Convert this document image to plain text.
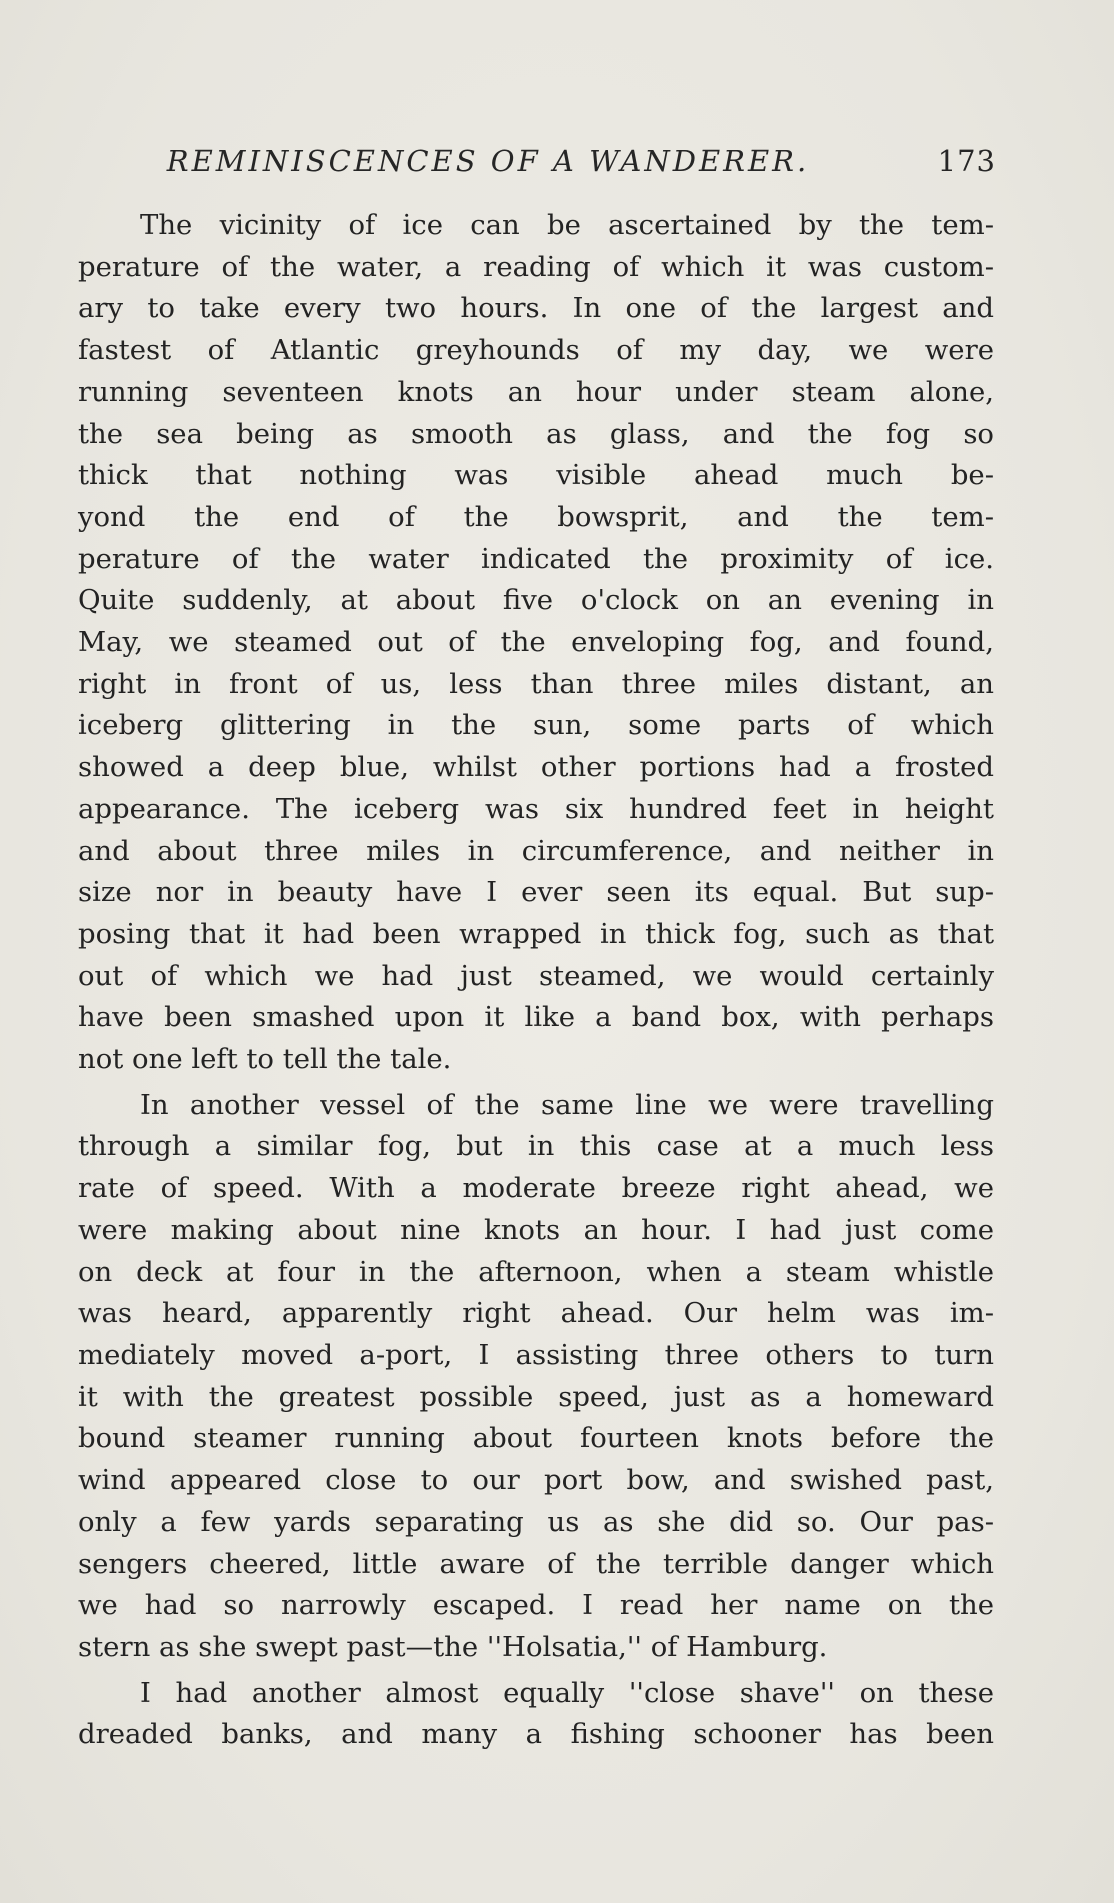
REMINISCENCES OF A WANDERER.	173
The vicinity of ice can be ascertained by the tem-
perature of the water, a reading of which it was custom-
ary to take every two hours. In one of the largest and
fastest of Atlantic greyhounds of my day, we were
running seventeen knots an hour under steam alone,
the sea being as smooth as glass, and the fog so
thick that nothing was visible ahead much be-
yond the end of the bowsprit, and the tem-
perature of the water indicated the proximity of ice.
Quite suddenly, at about five o'clock on an evening in
May, we steamed out of the enveloping fog, and found,
right in front of us, less than three miles distant, an
iceberg glittering in the sun, some parts of which
showed a deep blue, whilst other portions had a frosted
appearance. The iceberg was six hundred feet in height
and about three miles in circumference, and neither in
size nor in beauty have I ever seen its equal. But sup-
posing that it had been wrapped in thick fog, such as that
out of which we had just steamed, we would certainly
have been smashed upon it like a band box, with perhaps
not one left to tell the tale.
In another vessel of the same line we were travelling
through a similar fog, but in this case at a much less
rate of speed. With a moderate breeze right ahead, we
were making about nine knots an hour. I had just come
on deck at four in the afternoon, when a steam whistle
was heard, apparently right ahead. Our helm was im-
mediately moved a-port, I assisting three others to turn
it with the greatest possible speed, just as a homeward
bound steamer running about fourteen knots before the
wind appeared close to our port bow, and swished past,
only a few yards separating us as she did so. Our pas-
sengers cheered, little aware of the terrible danger which
we had so narrowly escaped. I read her name on the
stern as she swept past—the ''Holsatia,'' of Hamburg.
I had another almost equally ''close shave'' on these
dreaded banks, and many a fishing schooner has been
